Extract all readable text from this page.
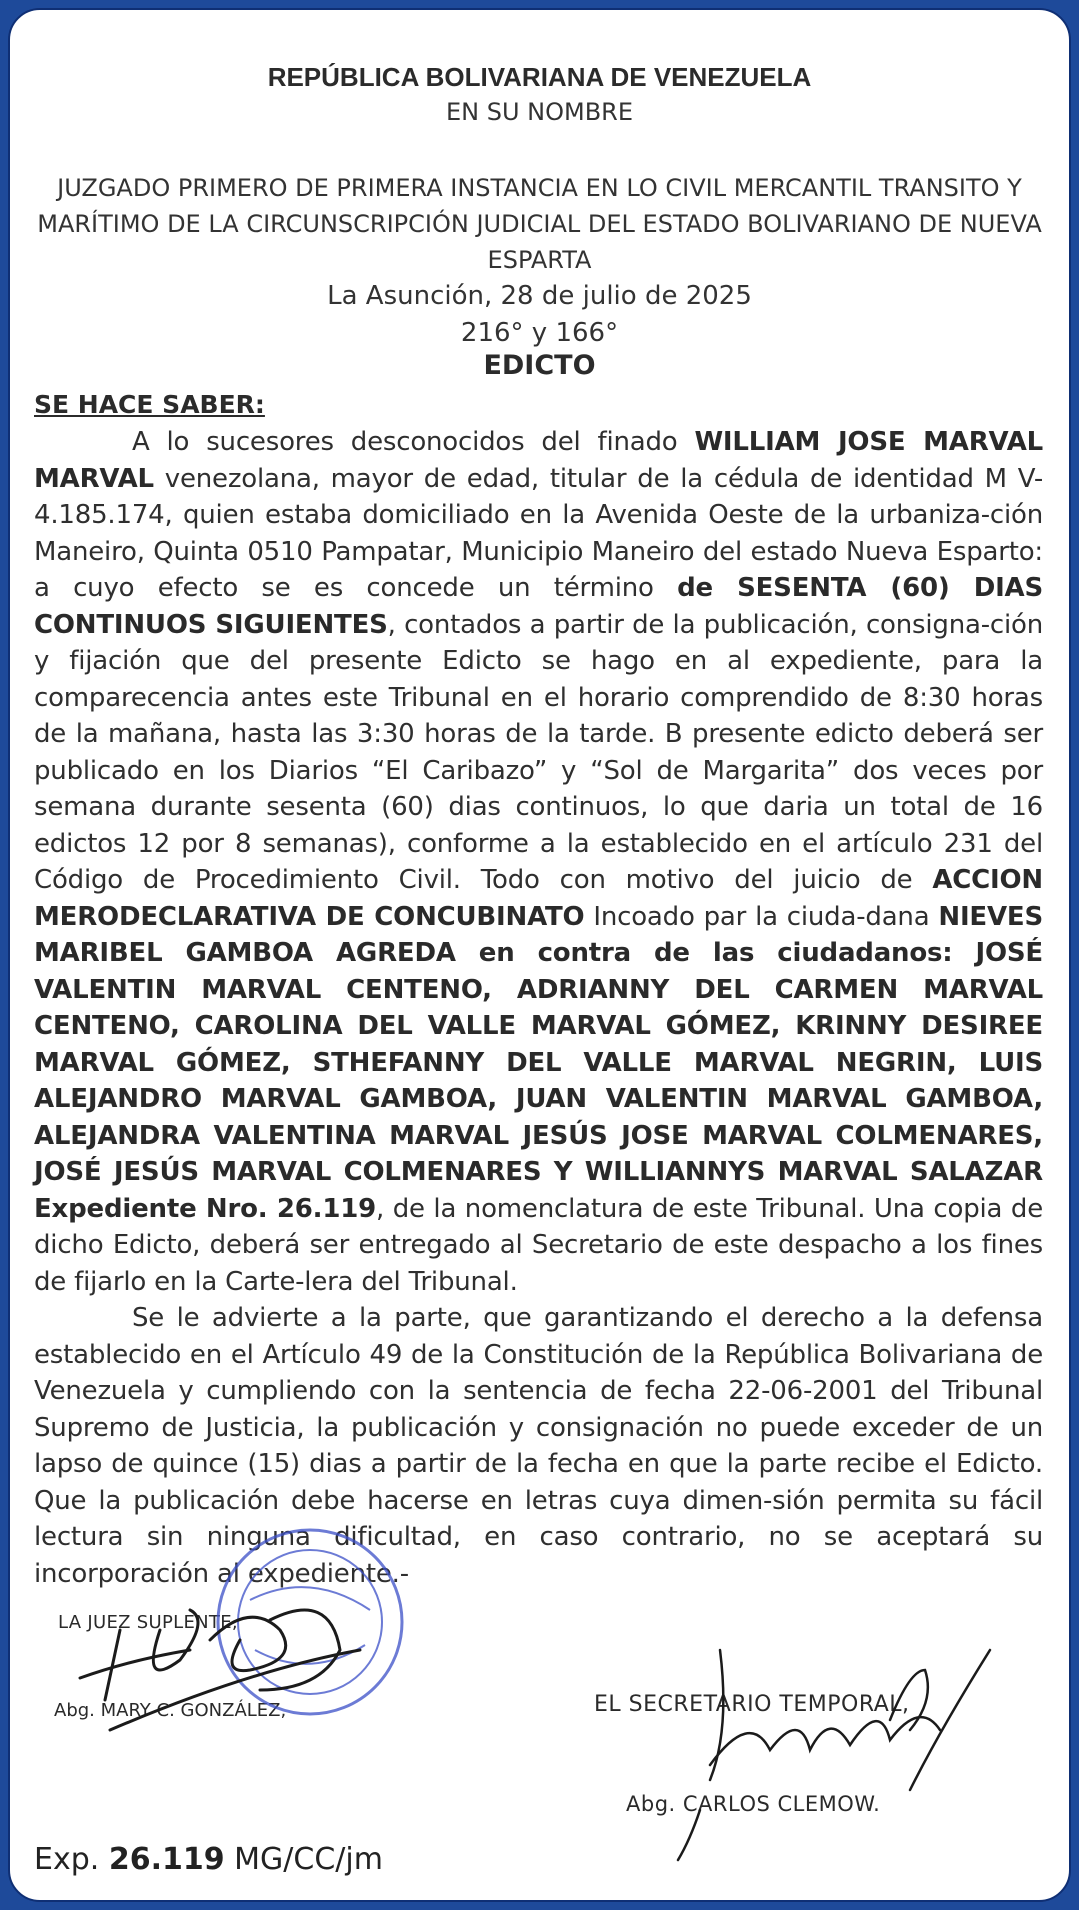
REPÚBLICA BOLIVARIANA DE VENEZUELA
EN SU NOMBRE
JUZGADO PRIMERO DE PRIMERA INSTANCIA EN LO CIVIL MERCANTIL TRANSITO Y MARÍTIMO DE LA CIRCUNSCRIPCIÓN JUDICIAL DEL ESTADO BOLIVARIANO DE NUEVA ESPARTA
La Asunción, 28 de julio de 2025
216° y 166°
EDICTO
SE HACE SABER:

A lo sucesores desconocidos del finado WILLIAM JOSE MARVAL MARVAL venezolana, mayor de edad, titular de la cédula de identidad M V-4.185.174, quien estaba domiciliado en la Avenida Oeste de la urbaniza-ción Maneiro, Quinta 0510 Pampatar, Municipio Maneiro del estado Nueva Esparto: a cuyo efecto se es concede un término de SESENTA (60) DIAS CONTINUOS SIGUIENTES, contados a partir de la publicación, consigna-ción y fijación que del presente Edicto se hago en al expediente, para la comparecencia antes este Tribunal en el horario comprendido de 8:30 horas de la mañana, hasta las 3:30 horas de la tarde. B presente edicto deberá ser publicado en los Diarios “El Caribazo” y “Sol de Margarita” dos veces por semana durante sesenta (60) dias continuos, lo que daria un total de 16 edictos 12 por 8 semanas), conforme a la establecido en el artículo 231 del Código de Procedimiento Civil. Todo con motivo del juicio de ACCION MERODECLARATIVA DE CONCUBINATO Incoado par la ciuda-dana NIEVES MARIBEL GAMBOA AGREDA en contra de las ciudadanos: JOSÉ VALENTIN MARVAL CENTENO, ADRIANNY DEL CARMEN MARVAL CENTENO, CAROLINA DEL VALLE MARVAL GÓMEZ, KRINNY DESIREE MARVAL GÓMEZ, STHEFANNY DEL VALLE MARVAL NEGRIN, LUIS ALEJANDRO MARVAL GAMBOA, JUAN VALENTIN MARVAL GAMBOA, ALEJANDRA VALENTINA MARVAL JESÚS JOSE MARVAL COLMENARES, JOSÉ JESÚS MARVAL COLMENARES Y WILLIANNYS MARVAL SALAZAR Expediente Nro. 26.119, de la nomenclatura de este Tribunal. Una copia de dicho Edicto, deberá ser entregado al Secretario de este despacho a los fines de fijarlo en la Carte-lera del Tribunal.

Se le advierte a la parte, que garantizando el derecho a la defensa establecido en el Artículo 49 de la Constitución de la República Bolivariana de Venezuela y cumpliendo con la sentencia de fecha 22-06-2001 del Tribunal Supremo de Justicia, la publicación y consignación no puede exceder de un lapso de quince (15) dias a partir de la fecha en que la parte recibe el Edicto. Que la publicación debe hacerse en letras cuya dimen-sión permita su fácil lectura sin ninguna dificultad, en caso contrario, no se aceptará su incorporación al expediente.-

LA JUEZ SUPLENTE,
Abg. MARY C. GONZÁLEZ,	EL SECRETARIO TEMPORAL,
Abg. CARLOS CLEMOW.
Exp. 26.119 MG/CC/jm
